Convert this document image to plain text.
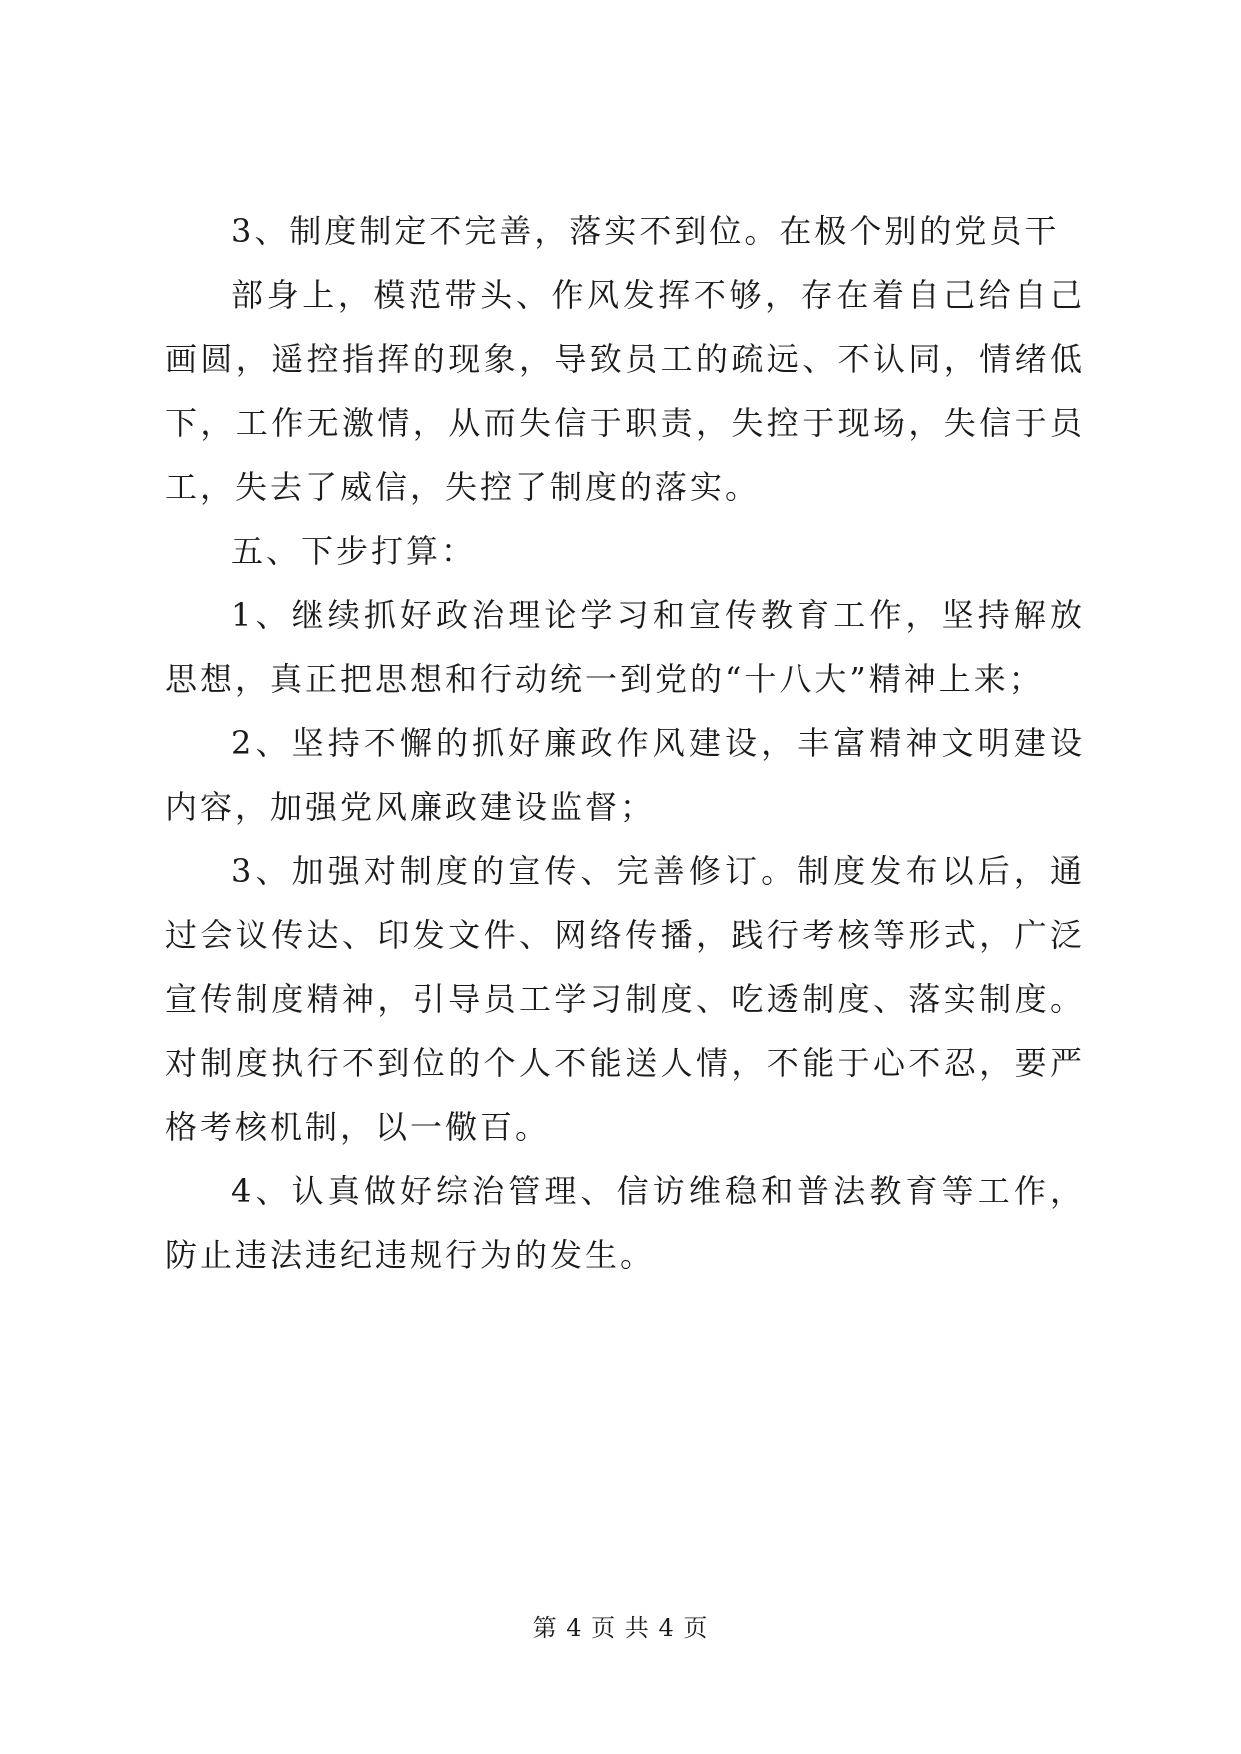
3、制度制定不完善，落实不到位。在极个别的党员干

部身上，模范带头、作风发挥不够，存在着自己给自己画圆，遥控指挥的现象，导致员工的疏远、不认同，情绪低下，工作无激情，从而失信于职责，失控于现场，失信于员工，失去了威信，失控了制度的落实。

五、下步打算：

1、继续抓好政治理论学习和宣传教育工作，坚持解放思想，真正把思想和行动统一到党的“十八大”精神上来；

2、坚持不懈的抓好廉政作风建设，丰富精神文明建设内容，加强党风廉政建设监督；

3、加强对制度的宣传、完善修订。制度发布以后，通过会议传达、印发文件、网络传播，践行考核等形式，广泛宣传制度精神，引导员工学习制度、吃透制度、落实制度。对制度执行不到位的个人不能送人情，不能于心不忍，要严格考核机制，以一儆百。

4、认真做好综治管理、信访维稳和普法教育等工作，防止违法违纪违规行为的发生。

第 4 页 共 4 页
